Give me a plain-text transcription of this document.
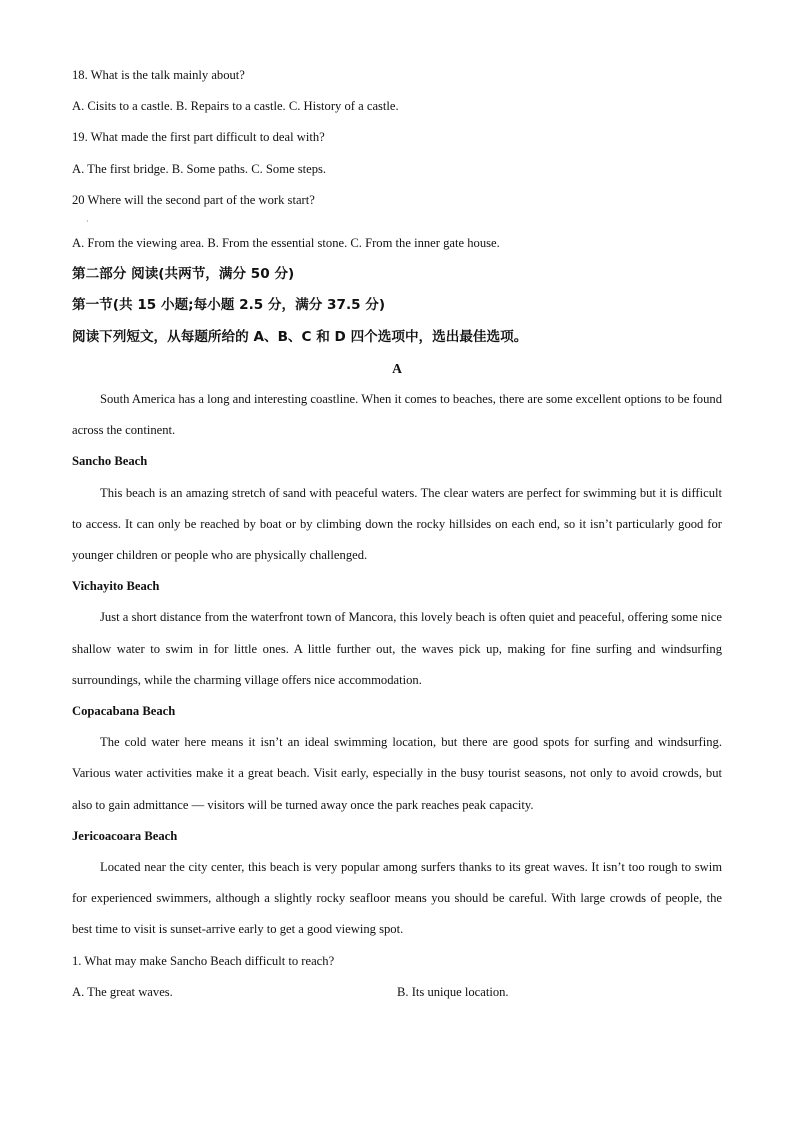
18. What is the talk mainly about?

A. Cisits to a castle. B. Repairs to a castle. C. History of a castle.

19. What made the first part difficult to deal with?

A. The first bridge. B. Some paths. C. Some steps.

20 Where will the second part of the work start?

·

A. From the viewing area. B. From the essential stone. C. From the inner gate house.

第二部分 阅读(共两节，满分 50 分)

第一节(共 15 小题;每小题 2.5 分，满分 37.5 分)

阅读下列短文，从每题所给的 A、B、C 和 D 四个选项中，选出最佳选项。

A

South America has a long and interesting coastline. When it comes to beaches, there are some excellent options to be found across the continent.

Sancho Beach

This beach is an amazing stretch of sand with peaceful waters. The clear waters are perfect for swimming but it is difficult to access. It can only be reached by boat or by climbing down the rocky hillsides on each end, so it isn’t particularly good for younger children or people who are physically challenged.

Vichayito Beach

Just a short distance from the waterfront town of Mancora, this lovely beach is often quiet and peaceful, offering some nice shallow water to swim in for little ones. A little further out, the waves pick up, making for fine surfing and windsurfing surroundings, while the charming village offers nice accommodation.

Copacabana Beach

The cold water here means it isn’t an ideal swimming location, but there are good spots for surfing and windsurfing. Various water activities make it a great beach. Visit early, especially in the busy tourist seasons, not only to avoid crowds, but also to gain admittance — visitors will be turned away once the park reaches peak capacity.

Jericoacoara Beach

Located near the city center, this beach is very popular among surfers thanks to its great waves. It isn’t too rough to swim for experienced swimmers, although a slightly rocky seafloor means you should be careful. With large crowds of people, the best time to visit is sunset-arrive early to get a good viewing spot.

1. What may make Sancho Beach difficult to reach?

A. The great waves.	B. Its unique location.
